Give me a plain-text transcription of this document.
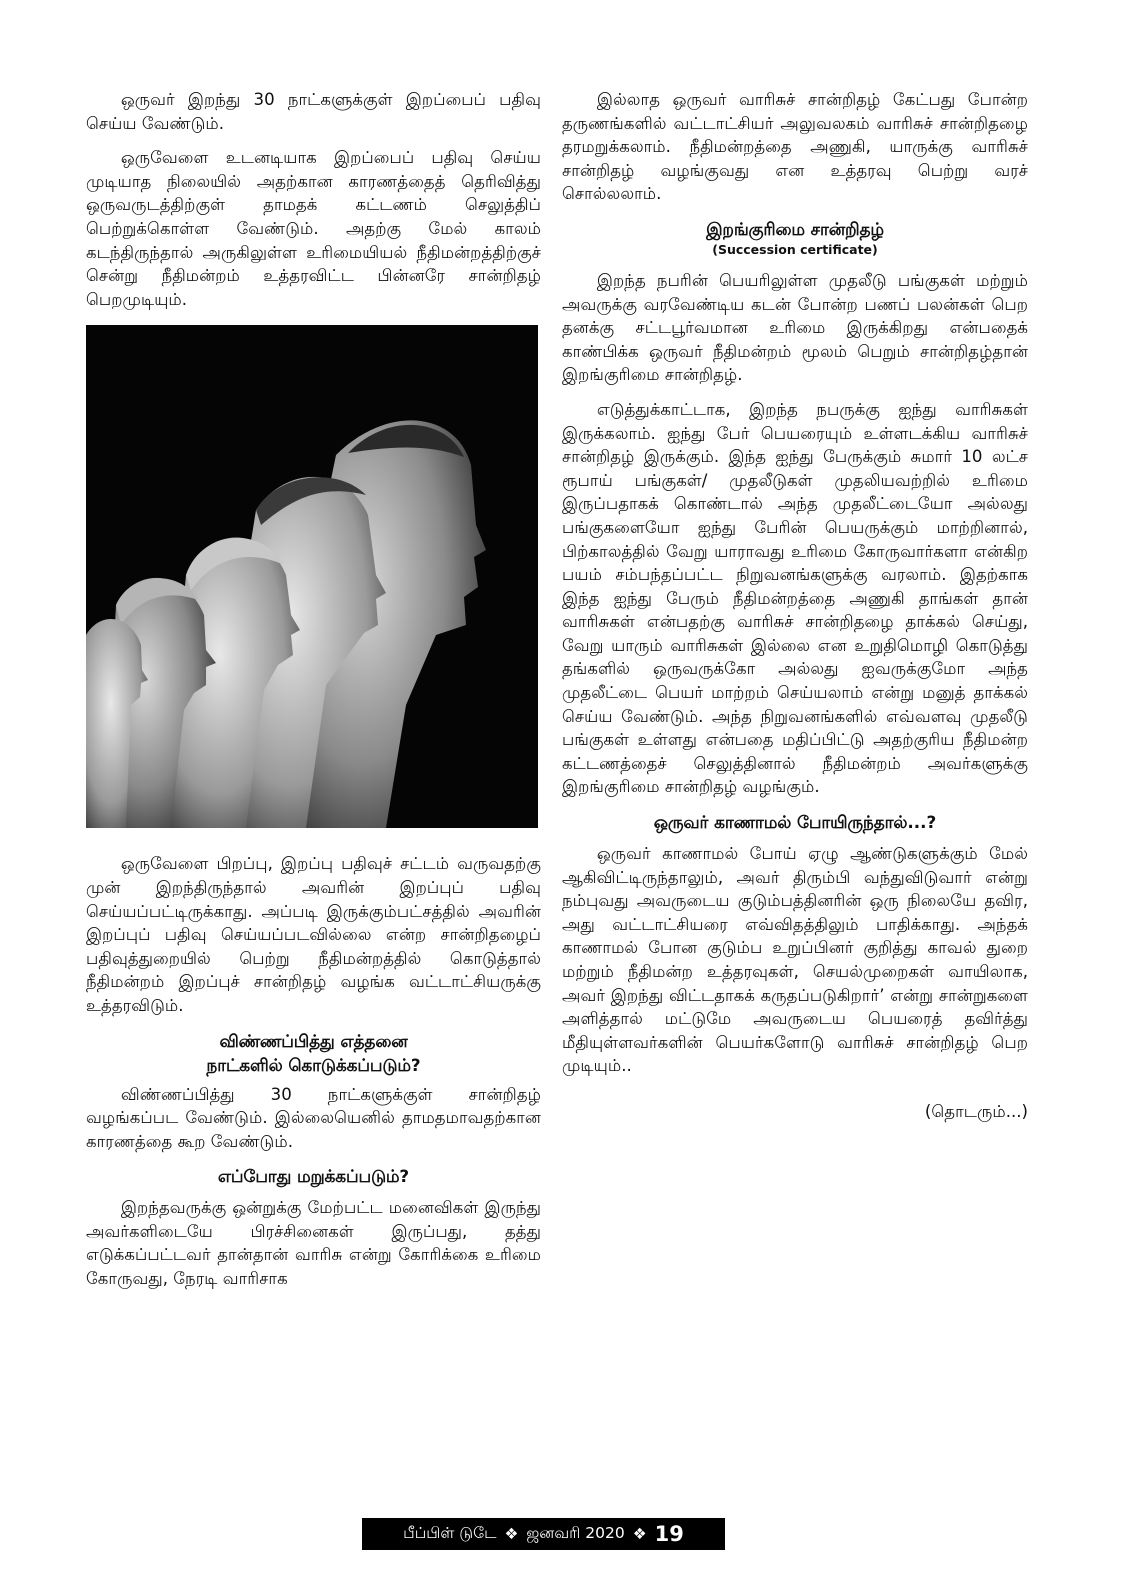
ஒருவர் இறந்து 30 நாட்களுக்குள் இறப்பைப் பதிவு செய்ய வேண்டும்.

ஒருவேளை உடனடியாக இறப்பைப் பதிவு செய்ய முடியாத நிலையில் அதற்கான காரணத்தைத் தெரிவித்து ஒருவருடத்திற்குள் தாமதக் கட்டணம் செலுத்திப் பெற்றுக்கொள்ள வேண்டும். அதற்கு மேல் காலம் கடந்திருந்தால் அருகிலுள்ள உரிமையியல் நீதிமன்றத்திற்குச் சென்று நீதிமன்றம் உத்தரவிட்ட பின்னரே சான்றிதழ் பெறமுடியும்.

ஒருவேளை பிறப்பு, இறப்பு பதிவுச் சட்டம் வருவதற்கு முன் இறந்திருந்தால் அவரின் இறப்புப் பதிவு செய்யப்பட்டிருக்காது. அப்படி இருக்கும்பட்சத்தில் அவரின் இறப்புப் பதிவு செய்யப்படவில்லை என்ற சான்றிதழைப் பதிவுத்துறையில் பெற்று நீதிமன்றத்தில் கொடுத்தால் நீதிமன்றம் இறப்புச் சான்றிதழ் வழங்க வட்டாட்சியருக்கு உத்தரவிடும்.

விண்ணப்பித்து எத்தனை
நாட்களில் கொடுக்கப்படும்?

விண்ணப்பித்து 30 நாட்களுக்குள் சான்றிதழ் வழங்கப்பட வேண்டும். இல்லையெனில் தாமதமாவதற்கான காரணத்தை கூற வேண்டும்.

எப்போது மறுக்கப்படும்?

இறந்தவருக்கு ஒன்றுக்கு மேற்பட்ட மனைவிகள் இருந்து அவர்களிடையே பிரச்சினைகள் இருப்பது, தத்து எடுக்கப்பட்டவர் தான்தான் வாரிசு என்று கோரிக்கை உரிமை கோருவது, நேரடி வாரிசாக

இல்லாத ஒருவர் வாரிசுச் சான்றிதழ் கேட்பது போன்ற தருணங்களில் வட்டாட்சியர் அலுவலகம் வாரிசுச் சான்றிதழை தரமறுக்கலாம். நீதிமன்றத்தை அணுகி, யாருக்கு வாரிசுச் சான்றிதழ் வழங்குவது என உத்தரவு பெற்று வரச் சொல்லலாம்.

இறங்குரிமை சான்றிதழ்
(Succession certificate)

இறந்த நபரின் பெயரிலுள்ள முதலீடு பங்குகள் மற்றும் அவருக்கு வரவேண்டிய கடன் போன்ற பணப் பலன்கள் பெற தனக்கு சட்டபூர்வமான உரிமை இருக்கிறது என்பதைக் காண்பிக்க ஒருவர் நீதிமன்றம் மூலம் பெறும் சான்றிதழ்தான் இறங்குரிமை சான்றிதழ்.

எடுத்துக்காட்டாக, இறந்த நபருக்கு ஐந்து வாரிசுகள் இருக்கலாம். ஐந்து பேர் பெயரையும் உள்ளடக்கிய வாரிசுச் சான்றிதழ் இருக்கும். இந்த ஐந்து பேருக்கும் சுமார் 10 லட்ச ரூபாய் பங்குகள்/ முதலீடுகள் முதலியவற்றில் உரிமை இருப்பதாகக் கொண்டால் அந்த முதலீட்டையோ அல்லது பங்குகளையோ ஐந்து பேரின் பெயருக்கும் மாற்றினால், பிற்காலத்தில் வேறு யாராவது உரிமை கோருவார்களா என்கிற பயம் சம்பந்தப்பட்ட நிறுவனங்களுக்கு வரலாம். இதற்காக இந்த ஐந்து பேரும் நீதிமன்றத்தை அணுகி தாங்கள் தான் வாரிசுகள் என்பதற்கு வாரிசுச் சான்றிதழை தாக்கல் செய்து, வேறு யாரும் வாரிசுகள் இல்லை என உறுதிமொழி கொடுத்து தங்களில் ஒருவருக்கோ அல்லது ஐவருக்குமோ அந்த முதலீட்டை பெயர் மாற்றம் செய்யலாம் என்று மனுத் தாக்கல் செய்ய வேண்டும். அந்த நிறுவனங்களில் எவ்வளவு முதலீடு பங்குகள் உள்ளது என்பதை மதிப்பிட்டு அதற்குரிய நீதிமன்ற கட்டணத்தைச் செலுத்தினால் நீதிமன்றம் அவர்களுக்கு இறங்குரிமை சான்றிதழ் வழங்கும்.

ஒருவர் காணாமல் போயிருந்தால்...?

ஒருவர் காணாமல் போய் ஏழு ஆண்டுகளுக்கும் மேல் ஆகிவிட்டிருந்தாலும், அவர் திரும்பி வந்துவிடுவார் என்று நம்புவது அவருடைய குடும்பத்தினரின் ஒரு நிலையே தவிர, அது வட்டாட்சியரை எவ்விதத்திலும் பாதிக்காது. அந்தக் காணாமல் போன குடும்ப உறுப்பினர் குறித்து காவல் துறை மற்றும் நீதிமன்ற உத்தரவுகள், செயல்முறைகள் வாயிலாக, அவர் இறந்து விட்டதாகக் கருதப்படுகிறார்’ என்று சான்றுகளை அளித்தால் மட்டுமே அவருடைய பெயரைத் தவிர்த்து மீதியுள்ளவர்களின் பெயர்களோடு வாரிசுச் சான்றிதழ் பெற முடியும்..

(தொடரும்...)

பீப்பிள் டுடே ❖ ஜனவரி 2020 ❖ 19
